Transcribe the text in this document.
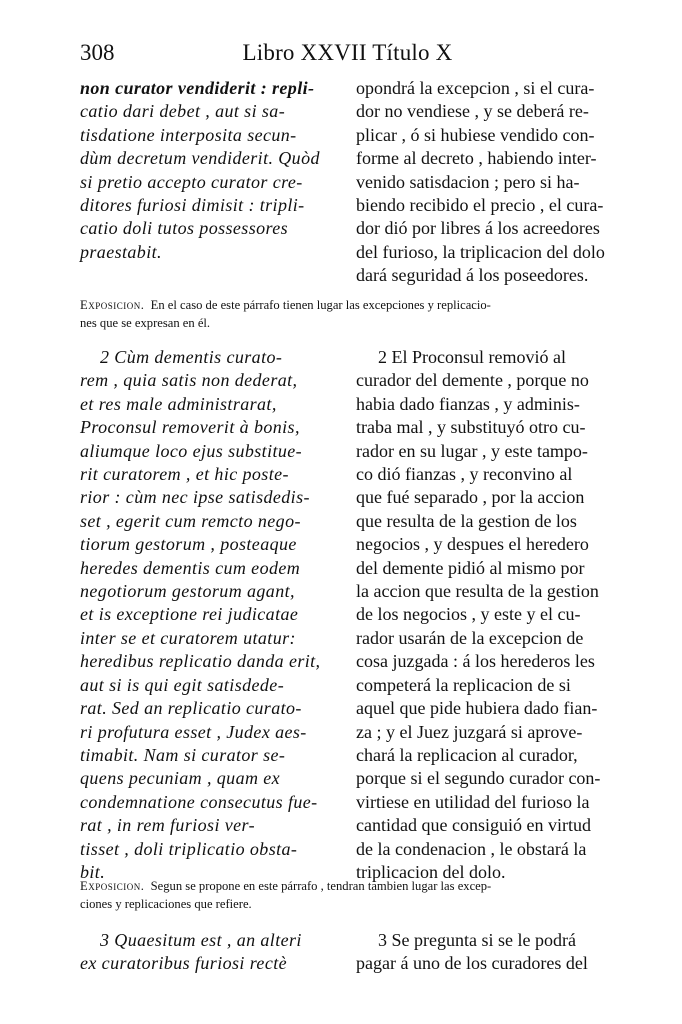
308	Libro XXVII Título X
non curator vendiderit : repli-
catio dari debet , aut si sa-
tisdatione interposita secun-
dùm decretum vendiderit. Quòd
si pretio accepto curator cre-
ditores furiosi dimisit : tripli-
catio doli tutos possessores
praestabit.
opondrá la excepcion , si el cura-
dor no vendiese , y se deberá re-
plicar , ó si hubiese vendido con-
forme al decreto , habiendo inter-
venido satisdacion ; pero si ha-
biendo recibido el precio , el cura-
dor dió por libres á los acreedores
del furioso, la triplicacion del dolo
dará seguridad á los poseedores.
Exposicion. En el caso de este párrafo tienen lugar las excepciones y replicacio-
nes que se expresan en él.
2 Cùm dementis curato-
rem , quia satis non dederat,
et res male administrarat,
Proconsul removerit à bonis,
aliumque loco ejus substitue-
rit curatorem , et hic poste-
rior : cùm nec ipse satisdedis-
set , egerit cum remcto nego-
tiorum gestorum , posteaque
heredes dementis cum eodem
negotiorum gestorum agant,
et is exceptione rei judicatae
inter se et curatorem utatur:
heredibus replicatio danda erit,
aut si is qui egit satisdede-
rat. Sed an replicatio curato-
ri profutura esset , Judex aes-
timabit. Nam si curator se-
quens pecuniam , quam ex
condemnatione consecutus fue-
rat , in rem furiosi ver-
tisset , doli triplicatio obsta-
bit.
2 El Proconsul removió al
curador del demente , porque no
habia dado fianzas , y adminis-
traba mal , y substituyó otro cu-
rador en su lugar , y este tampo-
co dió fianzas , y reconvino al
que fué separado , por la accion
que resulta de la gestion de los
negocios , y despues el heredero
del demente pidió al mismo por
la accion que resulta de la gestion
de los negocios , y este y el cu-
rador usarán de la excepcion de
cosa juzgada : á los herederos les
competerá la replicacion de si
aquel que pide hubiera dado fian-
za ; y el Juez juzgará si aprove-
chará la replicacion al curador,
porque si el segundo curador con-
virtiese en utilidad del furioso la
cantidad que consiguió en virtud
de la condenacion , le obstará la
triplicacion del dolo.
Exposicion. Segun se propone en este párrafo , tendran tambien lugar las excep-
ciones y replicaciones que refiere.
3 Quaesitum est , an alteri
ex curatoribus furiosi rectè
3 Se pregunta si se le podrá
pagar á uno de los curadores del
